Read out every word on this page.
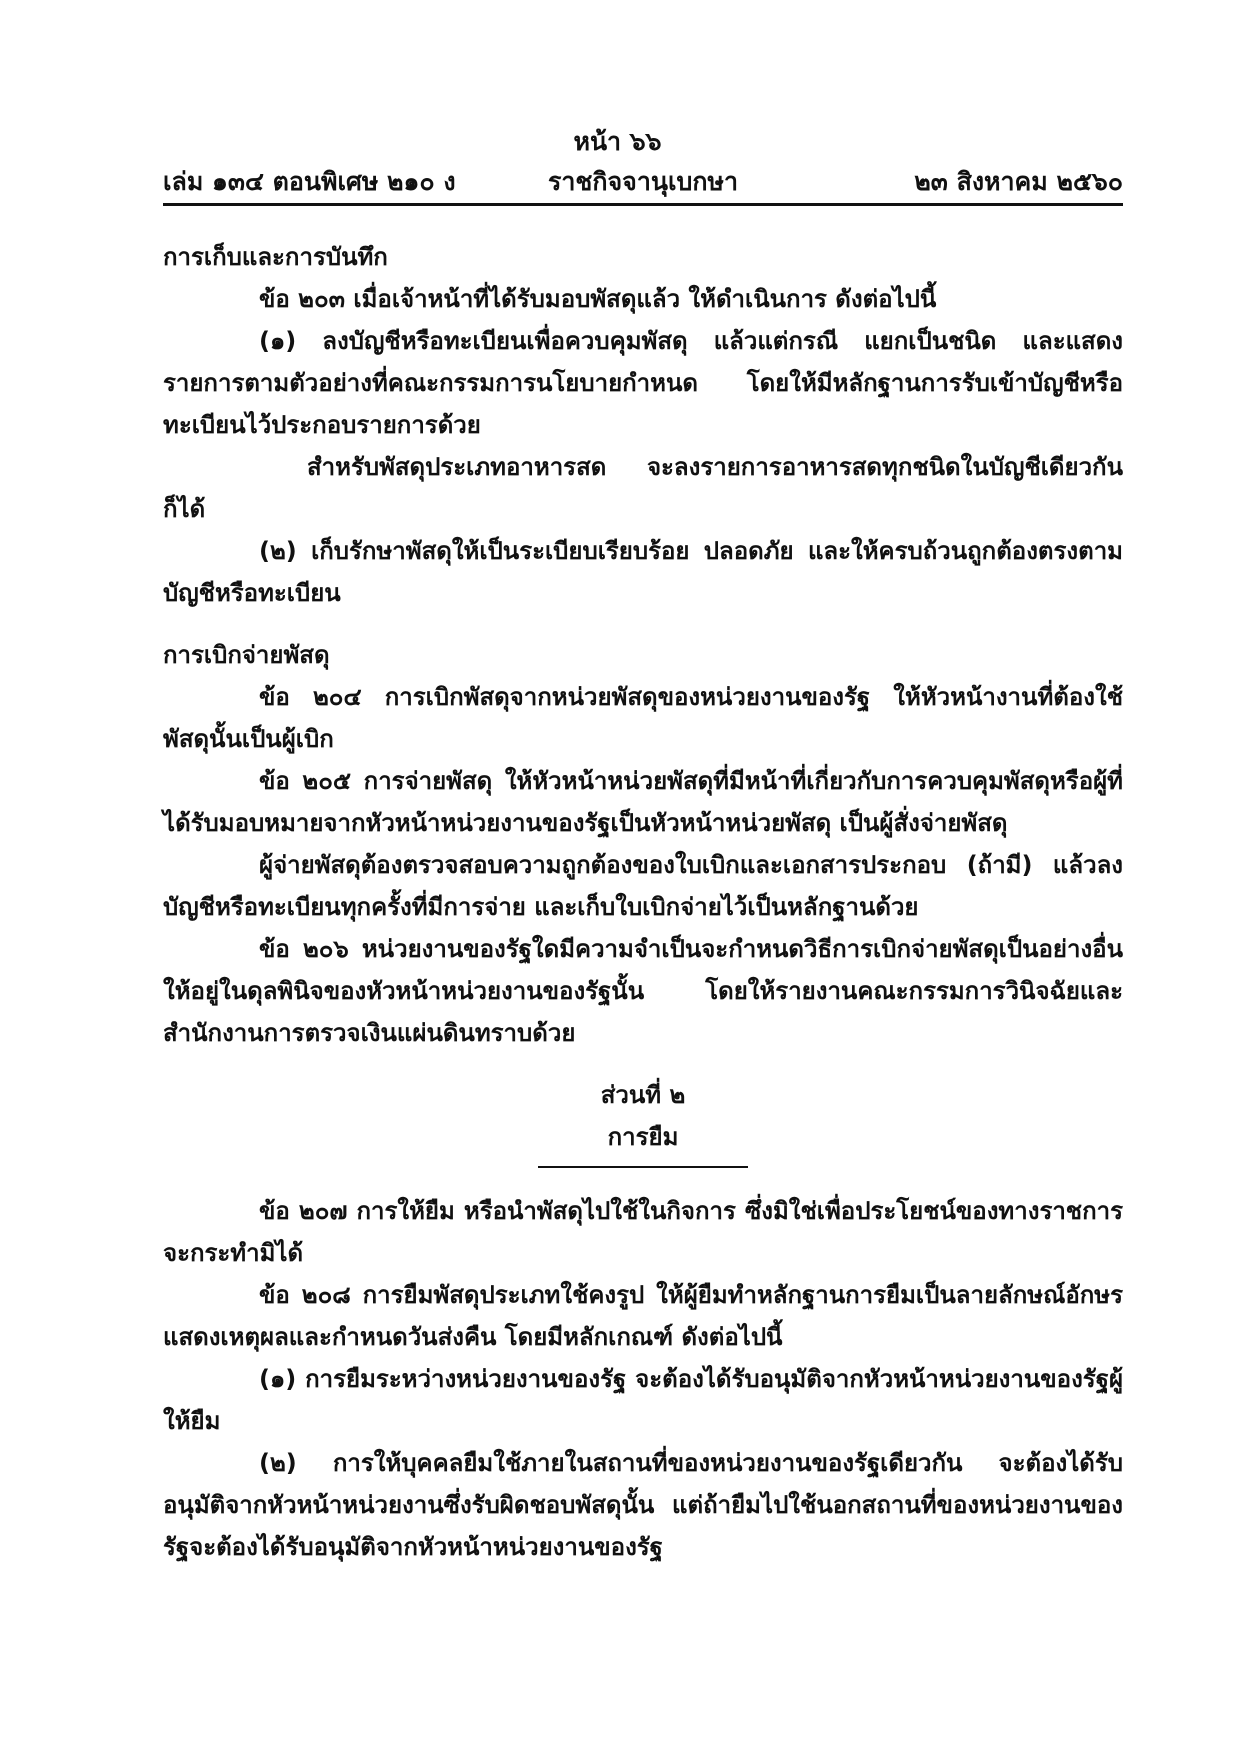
หน้า ๖๖
เล่ม ๑๓๔ ตอนพิเศษ ๒๑๐ ง	ราชกิจจานุเบกษา	๒๓ สิงหาคม ๒๕๖๐

การเก็บและการบันทึก

ข้อ ๒๐๓ เมื่อเจ้าหน้าที่ได้รับมอบพัสดุแล้ว ให้ดำเนินการ ดังต่อไปนี้

(๑) ลงบัญชีหรือทะเบียนเพื่อควบคุมพัสดุ แล้วแต่กรณี แยกเป็นชนิด และแสดงรายการตามตัวอย่างที่คณะกรรมการนโยบายกำหนด โดยให้มีหลักฐานการรับเข้าบัญชีหรือทะเบียนไว้ประกอบรายการด้วย

สำหรับพัสดุประเภทอาหารสด จะลงรายการอาหารสดทุกชนิดในบัญชีเดียวกันก็ได้

(๒) เก็บรักษาพัสดุให้เป็นระเบียบเรียบร้อย ปลอดภัย และให้ครบถ้วนถูกต้องตรงตามบัญชีหรือทะเบียน

การเบิกจ่ายพัสดุ

ข้อ ๒๐๔ การเบิกพัสดุจากหน่วยพัสดุของหน่วยงานของรัฐ ให้หัวหน้างานที่ต้องใช้พัสดุนั้นเป็นผู้เบิก

ข้อ ๒๐๕ การจ่ายพัสดุ ให้หัวหน้าหน่วยพัสดุที่มีหน้าที่เกี่ยวกับการควบคุมพัสดุหรือผู้ที่ได้รับมอบหมายจากหัวหน้าหน่วยงานของรัฐเป็นหัวหน้าหน่วยพัสดุ เป็นผู้สั่งจ่ายพัสดุ

ผู้จ่ายพัสดุต้องตรวจสอบความถูกต้องของใบเบิกและเอกสารประกอบ (ถ้ามี) แล้วลงบัญชีหรือทะเบียนทุกครั้งที่มีการจ่าย และเก็บใบเบิกจ่ายไว้เป็นหลักฐานด้วย

ข้อ ๒๐๖ หน่วยงานของรัฐใดมีความจำเป็นจะกำหนดวิธีการเบิกจ่ายพัสดุเป็นอย่างอื่นให้อยู่ในดุลพินิจของหัวหน้าหน่วยงานของรัฐนั้น โดยให้รายงานคณะกรรมการวินิจฉัยและสำนักงานการตรวจเงินแผ่นดินทราบด้วย

ส่วนที่ ๒

การยืม

ข้อ ๒๐๗ การให้ยืม หรือนำพัสดุไปใช้ในกิจการ ซึ่งมิใช่เพื่อประโยชน์ของทางราชการจะกระทำมิได้

ข้อ ๒๐๘ การยืมพัสดุประเภทใช้คงรูป ให้ผู้ยืมทำหลักฐานการยืมเป็นลายลักษณ์อักษรแสดงเหตุผลและกำหนดวันส่งคืน โดยมีหลักเกณฑ์ ดังต่อไปนี้

(๑) การยืมระหว่างหน่วยงานของรัฐ จะต้องได้รับอนุมัติจากหัวหน้าหน่วยงานของรัฐผู้ให้ยืม

(๒) การให้บุคคลยืมใช้ภายในสถานที่ของหน่วยงานของรัฐเดียวกัน จะต้องได้รับอนุมัติจากหัวหน้าหน่วยงานซึ่งรับผิดชอบพัสดุนั้น แต่ถ้ายืมไปใช้นอกสถานที่ของหน่วยงานของรัฐจะต้องได้รับอนุมัติจากหัวหน้าหน่วยงานของรัฐ
